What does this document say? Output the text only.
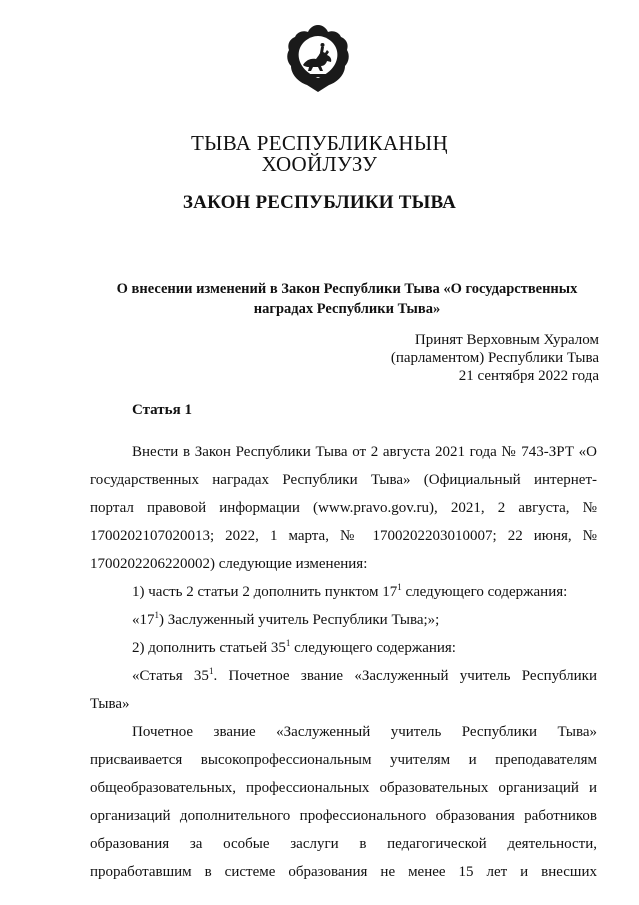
ТЫВА РЕСПУБЛИКАНЫҢ
ХООЙЛУЗУ
ЗАКОН РЕСПУБЛИКИ ТЫВА
О внесении изменений в Закон Республики Тыва «О государственных
наградах Республики Тыва»
Принят Верховным Хуралом
(парламентом) Республики Тыва
21 сентября 2022 года
Статья 1
Внести в Закон Республики Тыва от 2 августа 2021 года № 743-ЗРТ «О
государственных наградах Республики Тыва» (Официальный интернет-
портал правовой информации (www.pravo.gov.ru), 2021, 2 августа, №
1700202107020013; 2022, 1 марта, № 1700202203010007; 22 июня, №
1700202206220002) следующие изменения:
1) часть 2 статьи 2 дополнить пунктом $17^1$ следующего содержания:
«$17^1$) Заслуженный учитель Республики Тыва;»;
2) дополнить статьей $35^1$ следующего содержания:
«Статья $35^1$. Почетное звание «Заслуженный учитель Республики
Тыва»
Почетное звание «Заслуженный учитель Республики Тыва»
присваивается высокопрофессиональным учителям и преподавателям
общеобразовательных, профессиональных образовательных организаций и
организаций дополнительного профессионального образования работников
образования за особые заслуги в педагогической деятельности,
проработавшим в системе образования не менее 15 лет и внесших
